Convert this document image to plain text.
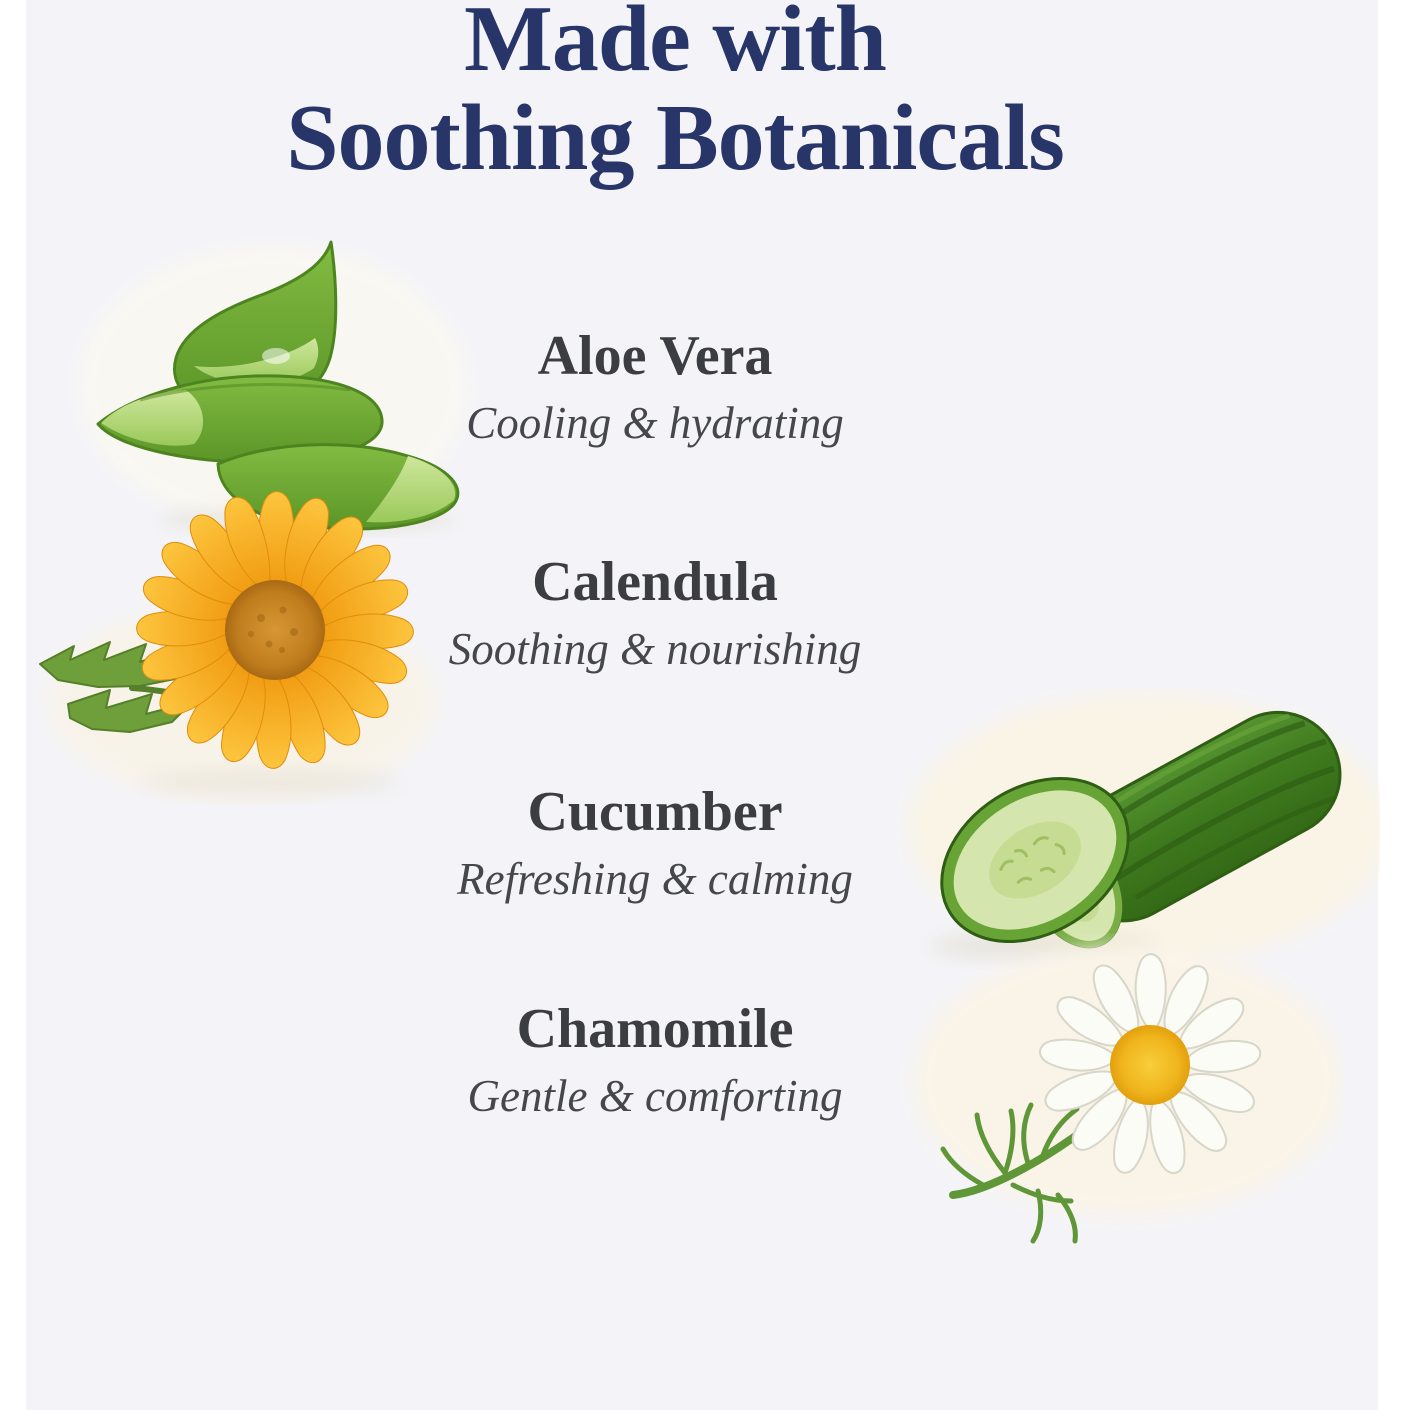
Made with
Soothing Botanicals
Aloe Vera

Cooling & hydrating

Calendula

Soothing & nourishing

Cucumber

Refreshing & calming

Chamomile

Gentle & comforting
